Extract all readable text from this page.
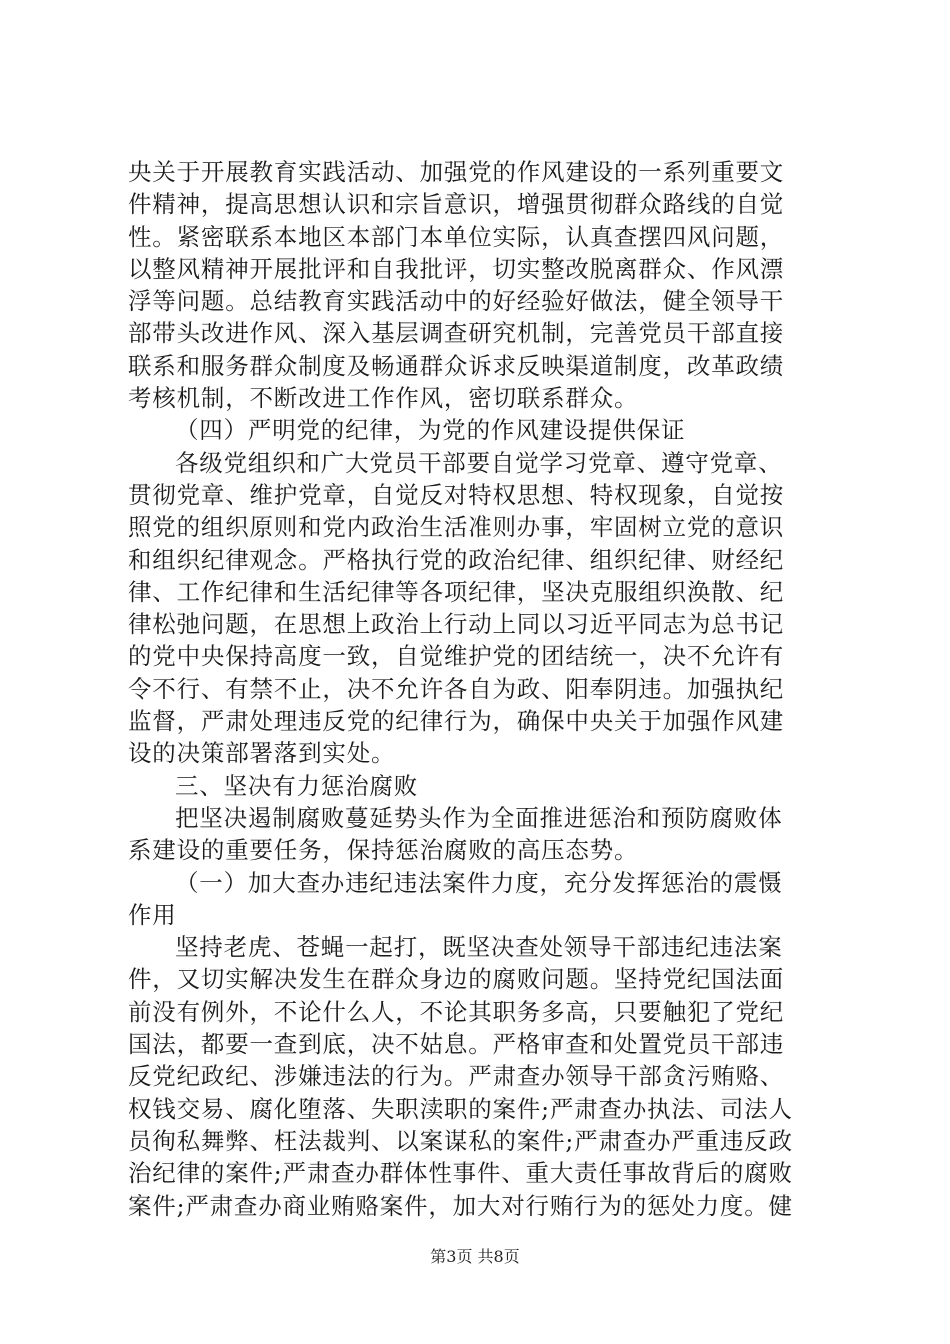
央关于开展教育实践活动、加强党的作风建设的一系列重要文
件精神，提高思想认识和宗旨意识，增强贯彻群众路线的自觉
性。紧密联系本地区本部门本单位实际，认真查摆四风问题，
以整风精神开展批评和自我批评，切实整改脱离群众、作风漂
浮等问题。总结教育实践活动中的好经验好做法，健全领导干
部带头改进作风、深入基层调查研究机制，完善党员干部直接
联系和服务群众制度及畅通群众诉求反映渠道制度，改革政绩
考核机制，不断改进工作作风，密切联系群众。
（四）严明党的纪律，为党的作风建设提供保证
各级党组织和广大党员干部要自觉学习党章、遵守党章、
贯彻党章、维护党章，自觉反对特权思想、特权现象，自觉按
照党的组织原则和党内政治生活准则办事，牢固树立党的意识
和组织纪律观念。严格执行党的政治纪律、组织纪律、财经纪
律、工作纪律和生活纪律等各项纪律，坚决克服组织涣散、纪
律松弛问题，在思想上政治上行动上同以习近平同志为总书记
的党中央保持高度一致，自觉维护党的团结统一，决不允许有
令不行、有禁不止，决不允许各自为政、阳奉阴违。加强执纪
监督，严肃处理违反党的纪律行为，确保中央关于加强作风建
设的决策部署落到实处。
三、坚决有力惩治腐败
把坚决遏制腐败蔓延势头作为全面推进惩治和预防腐败体
系建设的重要任务，保持惩治腐败的高压态势。
（一）加大查办违纪违法案件力度，充分发挥惩治的震慑
作用
坚持老虎、苍蝇一起打，既坚决查处领导干部违纪违法案
件，又切实解决发生在群众身边的腐败问题。坚持党纪国法面
前没有例外，不论什么人，不论其职务多高，只要触犯了党纪
国法，都要一查到底，决不姑息。严格审查和处置党员干部违
反党纪政纪、涉嫌违法的行为。严肃查办领导干部贪污贿赂、
权钱交易、腐化堕落、失职渎职的案件;严肃查办执法、司法人
员徇私舞弊、枉法裁判、以案谋私的案件;严肃查办严重违反政
治纪律的案件;严肃查办群体性事件、重大责任事故背后的腐败
案件;严肃查办商业贿赂案件，加大对行贿行为的惩处力度。健
第3页 共8页
